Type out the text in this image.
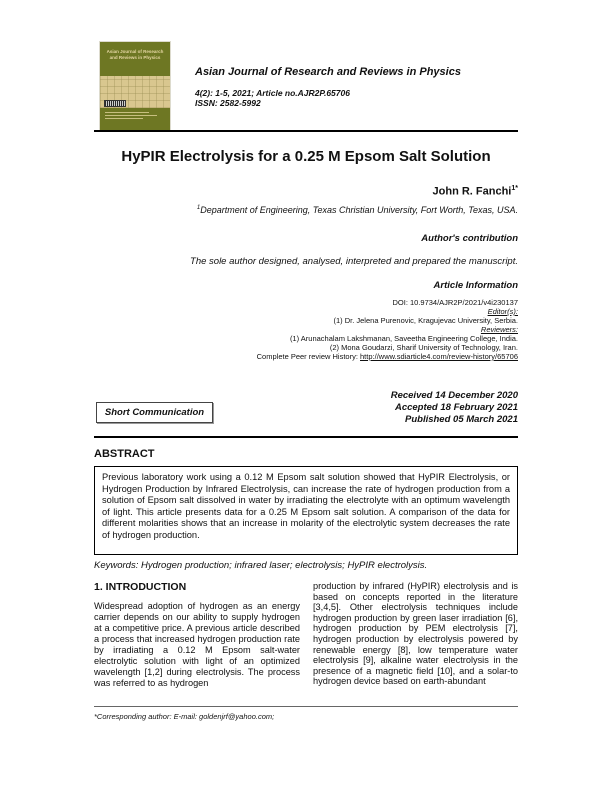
Asian Journal of Research and Reviews in Physics
Asian Journal of Research and Reviews in Physics
4(2): 1-5, 2021; Article no.AJR2P.65706
ISSN: 2582-5992
HyPIR Electrolysis for a 0.25 M Epsom Salt Solution
John R. Fanchi$^{1*}$
$^1$Department of Engineering, Texas Christian University, Fort Worth, Texas, USA.
Author's contribution
The sole author designed, analysed, interpreted and prepared the manuscript.
Article Information
DOI: 10.9734/AJR2P/2021/v4i230137
Editor(s):
(1) Dr. Jelena Purenovic, Kragujevac University, Serbia.
Reviewers:
(1) Arunachalam Lakshmanan, Saveetha Engineering College, India.
(2) Mona Goudarzi, Sharif University of Technology, Iran.
Complete Peer review History: http://www.sdiarticle4.com/review-history/65706
Received 14 December 2020
Accepted 18 February 2021
Published 05 March 2021
Short Communication
ABSTRACT
Previous laboratory work using a 0.12 M Epsom salt solution showed that HyPIR Electrolysis, or Hydrogen Production by Infrared Electrolysis, can increase the rate of hydrogen production from a solution of Epsom salt dissolved in water by irradiating the electrolyte with an optimum wavelength of light. This article presents data for a 0.25 M Epsom salt solution. A comparison of the data for different molarities shows that an increase in molarity of the electrolytic system decreases the rate of hydrogen production.
Keywords: Hydrogen production; infrared laser; electrolysis; HyPIR electrolysis.
1. INTRODUCTION
Widespread adoption of hydrogen as an energy carrier depends on our ability to supply hydrogen at a competitive price. A previous article described a process that increased hydrogen production rate by irradiating a 0.12 M Epsom salt-water electrolytic solution with light of an optimized wavelength [1,2] during electrolysis. The process was referred to as hydrogen
production by infrared (HyPIR) electrolysis and is based on concepts reported in the literature [3,4,5]. Other electrolysis techniques include hydrogen production by green laser irradiation [6], hydrogen production by PEM electrolysis [7], hydrogen production by electrolysis powered by renewable energy [8], low temperature water electrolysis [9], alkaline water electrolysis in the presence of a magnetic field [10], and a solar-to hydrogen device based on earth-abundant
*Corresponding author: E-mail: goldenjrf@yahoo.com;
